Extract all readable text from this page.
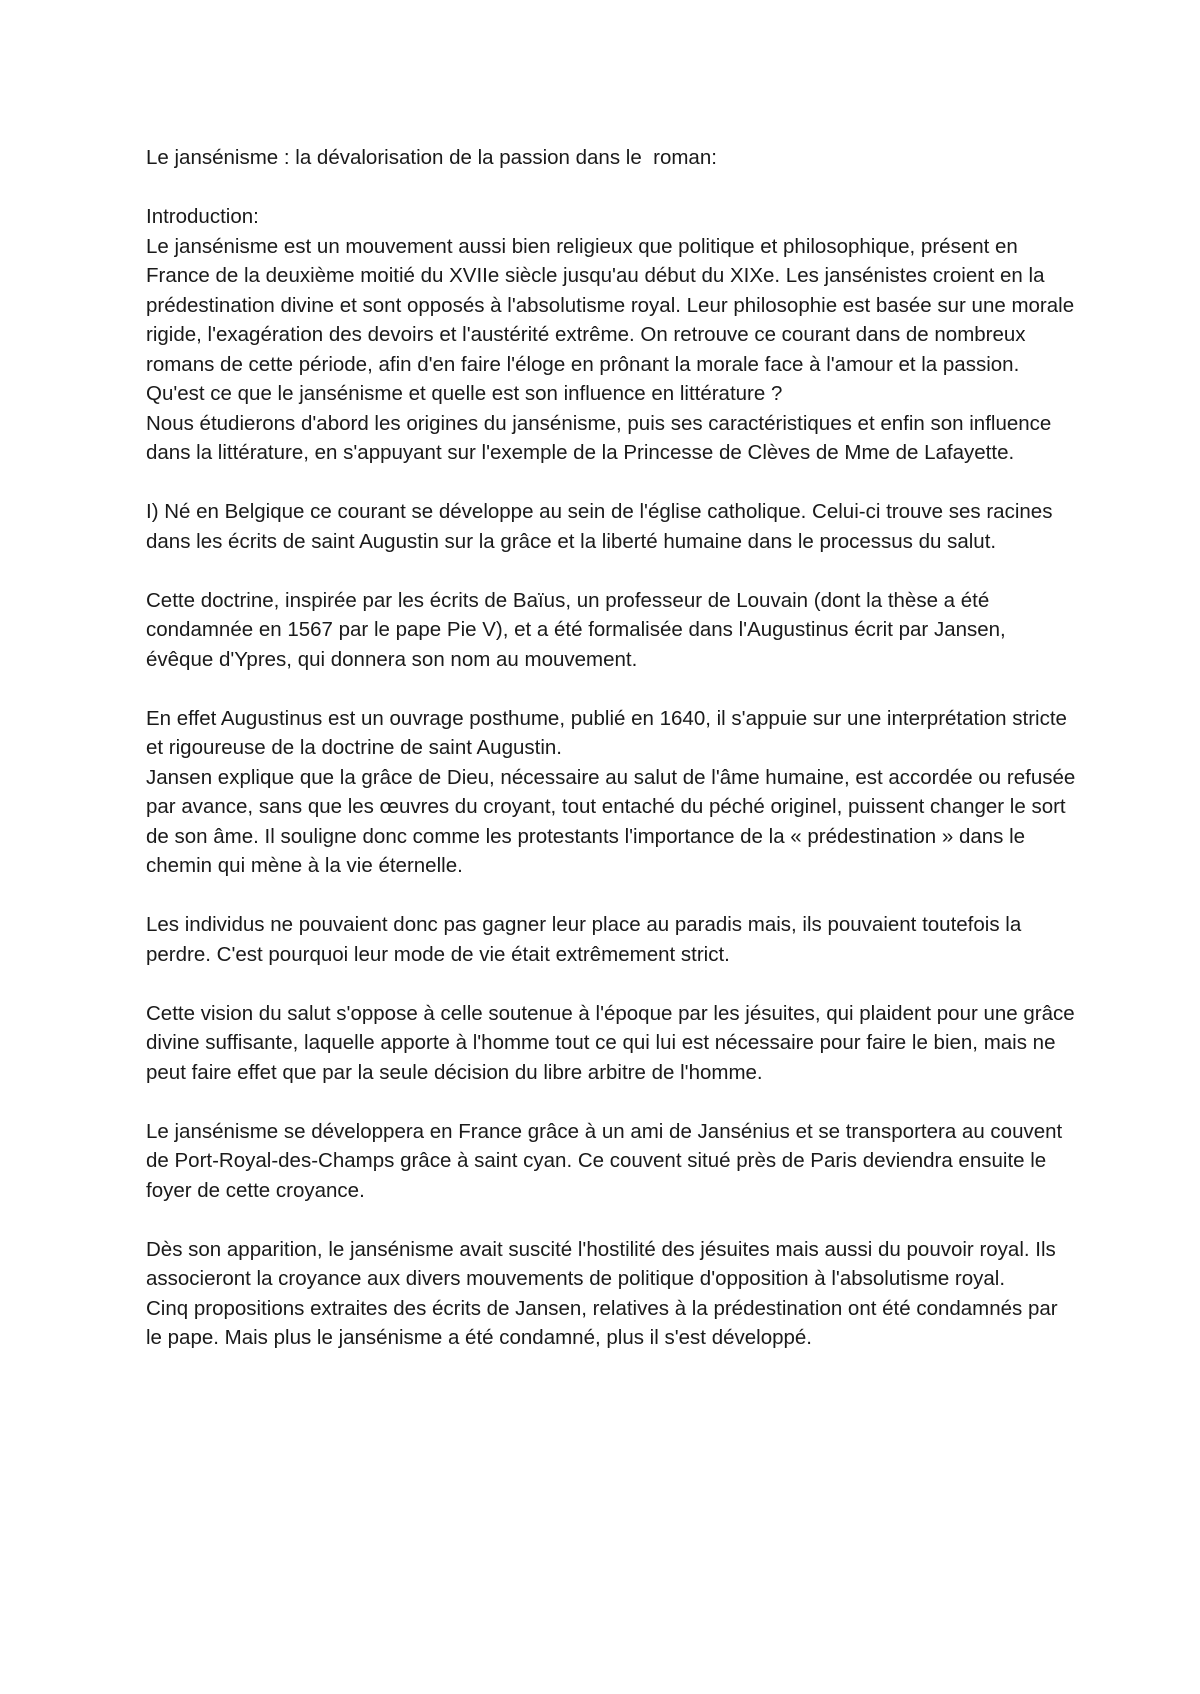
Le jansénisme : la dévalorisation de la passion dans le  roman:

Introduction:

Le jansénisme est un mouvement aussi bien religieux que politique et philosophique, présent en France de la deuxième moitié du XVIIe siècle jusqu'au début du XIXe. Les jansénistes croient en la prédestination divine et sont opposés à l'absolutisme royal. Leur philosophie est basée sur une morale rigide, l'exagération des devoirs et l'austérité extrême. On retrouve ce courant dans de nombreux romans de cette période, afin d'en faire l'éloge en prônant la morale face à l'amour et la passion. Qu'est ce que le jansénisme et quelle est son influence en littérature ?

Nous étudierons d'abord les origines du jansénisme, puis ses caractéristiques et enfin son influence dans la littérature, en s'appuyant sur l'exemple de la Princesse de Clèves de Mme de Lafayette.

I) Né en Belgique ce courant se développe au sein de l'église catholique. Celui-ci trouve ses racines dans les écrits de saint Augustin sur la grâce et la liberté humaine dans le processus du salut.

Cette doctrine, inspirée par les écrits de Baïus, un professeur de Louvain (dont la thèse a été condamnée en 1567 par le pape Pie V), et a été formalisée dans l'Augustinus écrit par Jansen, évêque d'Ypres, qui donnera son nom au mouvement.

En effet Augustinus est un ouvrage posthume, publié en 1640, il s'appuie sur une interprétation stricte et rigoureuse de la doctrine de saint Augustin.

Jansen explique que la grâce de Dieu, nécessaire au salut de l'âme humaine, est accordée ou refusée par avance, sans que les œuvres du croyant, tout entaché du péché originel, puissent changer le sort de son âme. Il souligne donc comme les protestants l'importance de la « prédestination » dans le chemin qui mène à la vie éternelle.

Les individus ne pouvaient donc pas gagner leur place au paradis mais, ils pouvaient toutefois la perdre. C'est pourquoi leur mode de vie était extrêmement strict.

Cette vision du salut s'oppose à celle soutenue à l'époque par les jésuites, qui plaident pour une grâce divine suffisante, laquelle apporte à l'homme tout ce qui lui est nécessaire pour faire le bien, mais ne peut faire effet que par la seule décision du libre arbitre de l'homme.

Le jansénisme se développera en France grâce à un ami de Jansénius et se transportera au couvent de Port-Royal-des-Champs grâce à saint cyan. Ce couvent situé près de Paris deviendra ensuite le foyer de cette croyance.

Dès son apparition, le jansénisme avait suscité l'hostilité des jésuites mais aussi du pouvoir royal. Ils associeront la croyance aux divers mouvements de politique d'opposition à l'absolutisme royal.

Cinq propositions extraites des écrits de Jansen, relatives à la prédestination ont été condamnés par le pape. Mais plus le jansénisme a été condamné, plus il s'est développé.
